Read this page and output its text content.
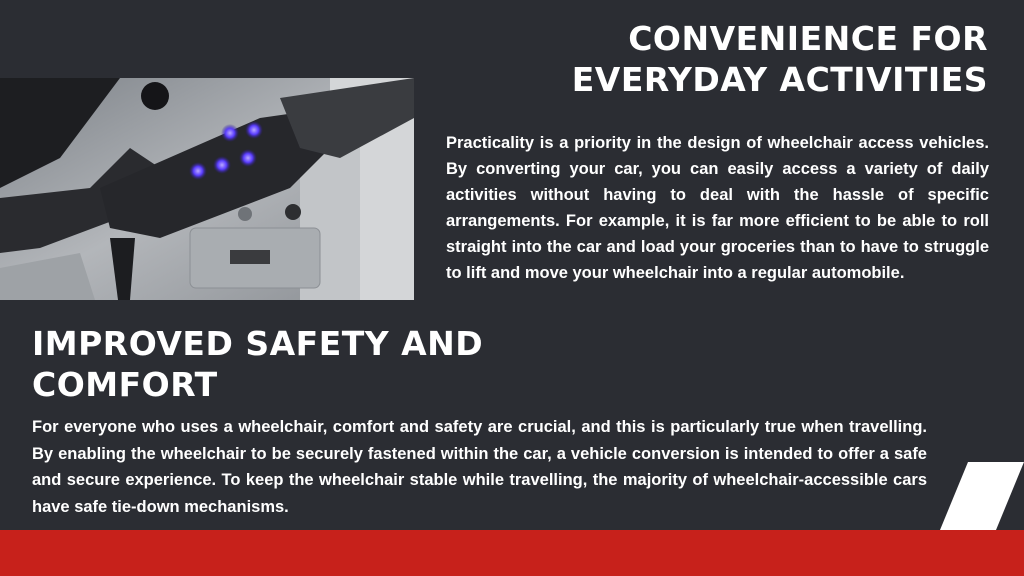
CONVENIENCE FOR
EVERYDAY ACTIVITIES
Practicality is a priority in the design of wheelchair access vehicles. By converting your car, you can easily access a variety of daily activities without having to deal with the hassle of specific arrangements. For example, it is far more efficient to be able to roll straight into the car and load your groceries than to have to struggle to lift and move your wheelchair into a regular automobile.
IMPROVED SAFETY AND
COMFORT
For everyone who uses a wheelchair, comfort and safety are crucial, and this is particularly true when travelling. By enabling the wheelchair to be securely fastened within the car, a vehicle conversion is intended to offer a safe and secure experience. To keep the wheelchair stable while travelling, the majority of wheelchair-accessible cars have safe tie-down mechanisms.
